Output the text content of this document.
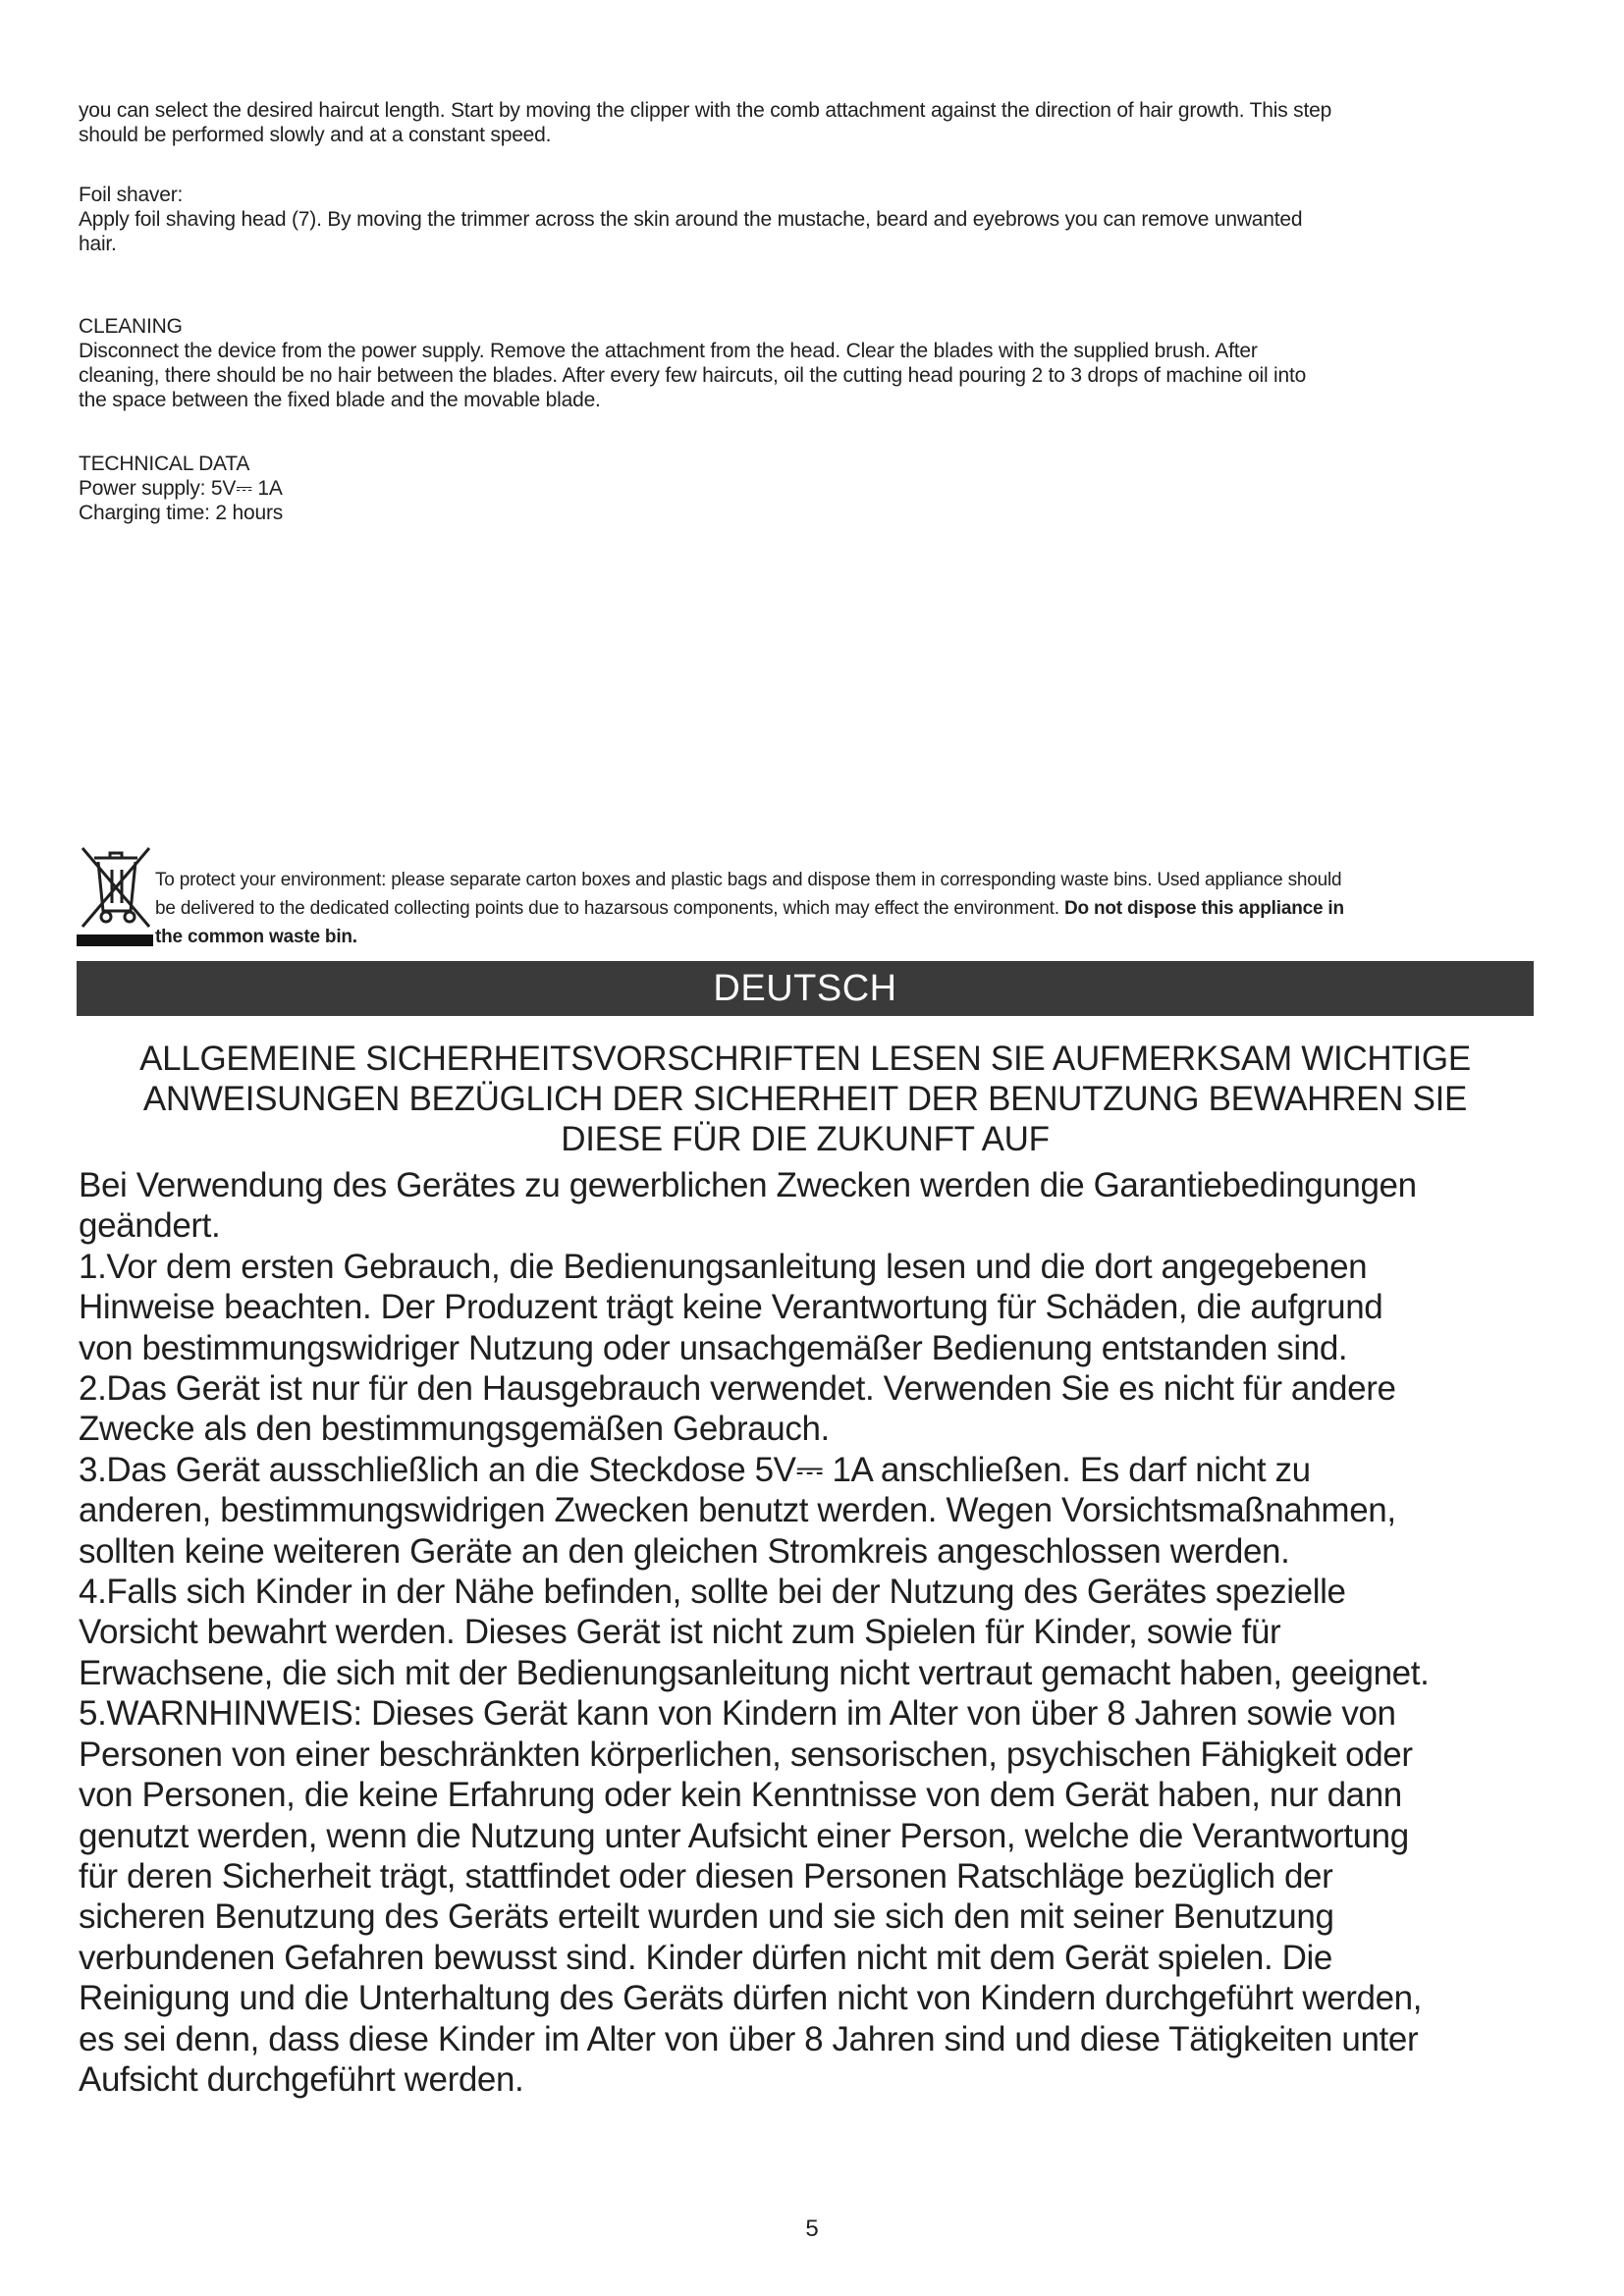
you can select the desired haircut length. Start by moving the clipper with the comb attachment against the direction of hair growth. This step
should be performed slowly and at a constant speed.
Foil shaver:
Apply foil shaving head (7). By moving the trimmer across the skin around the mustache, beard and eyebrows you can remove unwanted
hair.
CLEANING
Disconnect the device from the power supply. Remove the attachment from the head. Clear the blades with the supplied brush. After
cleaning, there should be no hair between the blades. After every few haircuts, oil the cutting head pouring 2 to 3 drops of machine oil into
the space between the fixed blade and the movable blade.
TECHNICAL DATA
Power supply: 5V⎓ 1A
Charging time: 2 hours
To protect your environment: please separate carton boxes and plastic bags and dispose them in corresponding waste bins. Used appliance should
be delivered to the dedicated collecting points due to hazarsous components, which may effect the environment. Do not dispose this appliance in
the common waste bin.
DEUTSCH
ALLGEMEINE SICHERHEITSVORSCHRIFTEN LESEN SIE AUFMERKSAM WICHTIGE
ANWEISUNGEN BEZÜGLICH DER SICHERHEIT DER BENUTZUNG BEWAHREN SIE
DIESE FÜR DIE ZUKUNFT AUF
Bei Verwendung des Gerätes zu gewerblichen Zwecken werden die Garantiebedingungen
geändert.
1.Vor dem ersten Gebrauch, die Bedienungsanleitung lesen und die dort angegebenen
Hinweise beachten. Der Produzent trägt keine Verantwortung für Schäden, die aufgrund
von bestimmungswidriger Nutzung oder unsachgemäßer Bedienung entstanden sind.
2.Das Gerät ist nur für den Hausgebrauch verwendet. Verwenden Sie es nicht für andere
Zwecke als den bestimmungsgemäßen Gebrauch.
3.Das Gerät ausschließlich an die Steckdose 5V⎓ 1A anschließen. Es darf nicht zu
anderen, bestimmungswidrigen Zwecken benutzt werden. Wegen Vorsichtsmaßnahmen,
sollten keine weiteren Geräte an den gleichen Stromkreis angeschlossen werden.
4.Falls sich Kinder in der Nähe befinden, sollte bei der Nutzung des Gerätes spezielle
Vorsicht bewahrt werden. Dieses Gerät ist nicht zum Spielen für Kinder, sowie für
Erwachsene, die sich mit der Bedienungsanleitung nicht vertraut gemacht haben, geeignet.
5.WARNHINWEIS: Dieses Gerät kann von Kindern im Alter von über 8 Jahren sowie von
Personen von einer beschränkten körperlichen, sensorischen, psychischen Fähigkeit oder
von Personen, die keine Erfahrung oder kein Kenntnisse von dem Gerät haben, nur dann
genutzt werden, wenn die Nutzung unter Aufsicht einer Person, welche die Verantwortung
für deren Sicherheit trägt, stattfindet oder diesen Personen Ratschläge bezüglich der
sicheren Benutzung des Geräts erteilt wurden und sie sich den mit seiner Benutzung
verbundenen Gefahren bewusst sind. Kinder dürfen nicht mit dem Gerät spielen. Die
Reinigung und die Unterhaltung des Geräts dürfen nicht von Kindern durchgeführt werden,
es sei denn, dass diese Kinder im Alter von über 8 Jahren sind und diese Tätigkeiten unter
Aufsicht durchgeführt werden.
5
